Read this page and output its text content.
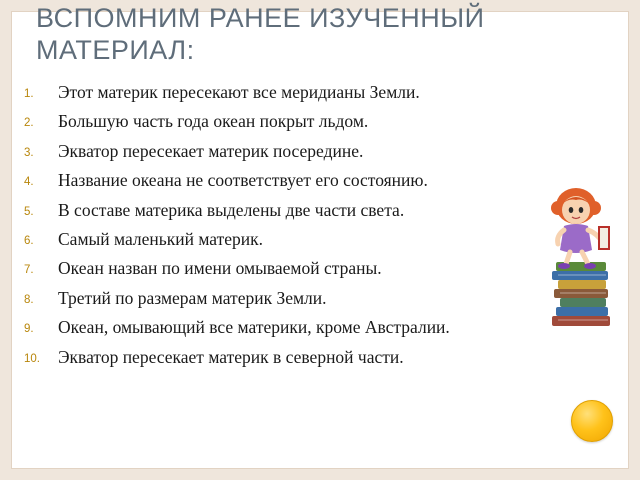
ВСПОМНИМ РАНЕЕ ИЗУЧЕННЫЙ МАТЕРИАЛ:
1. Этот материк пересекают все меридианы Земли.
2. Большую часть года океан покрыт льдом.
3. Экватор пересекает материк посередине.
4. Название океана не соответствует его состоянию.
5. В составе материка выделены две части света.
6. Самый маленький материк.
7. Океан назван по имени омываемой страны.
8. Третий по размерам материк Земли.
9. Океан, омывающий все материки, кроме Австралии.
10. Экватор пересекает материк в северной части.
